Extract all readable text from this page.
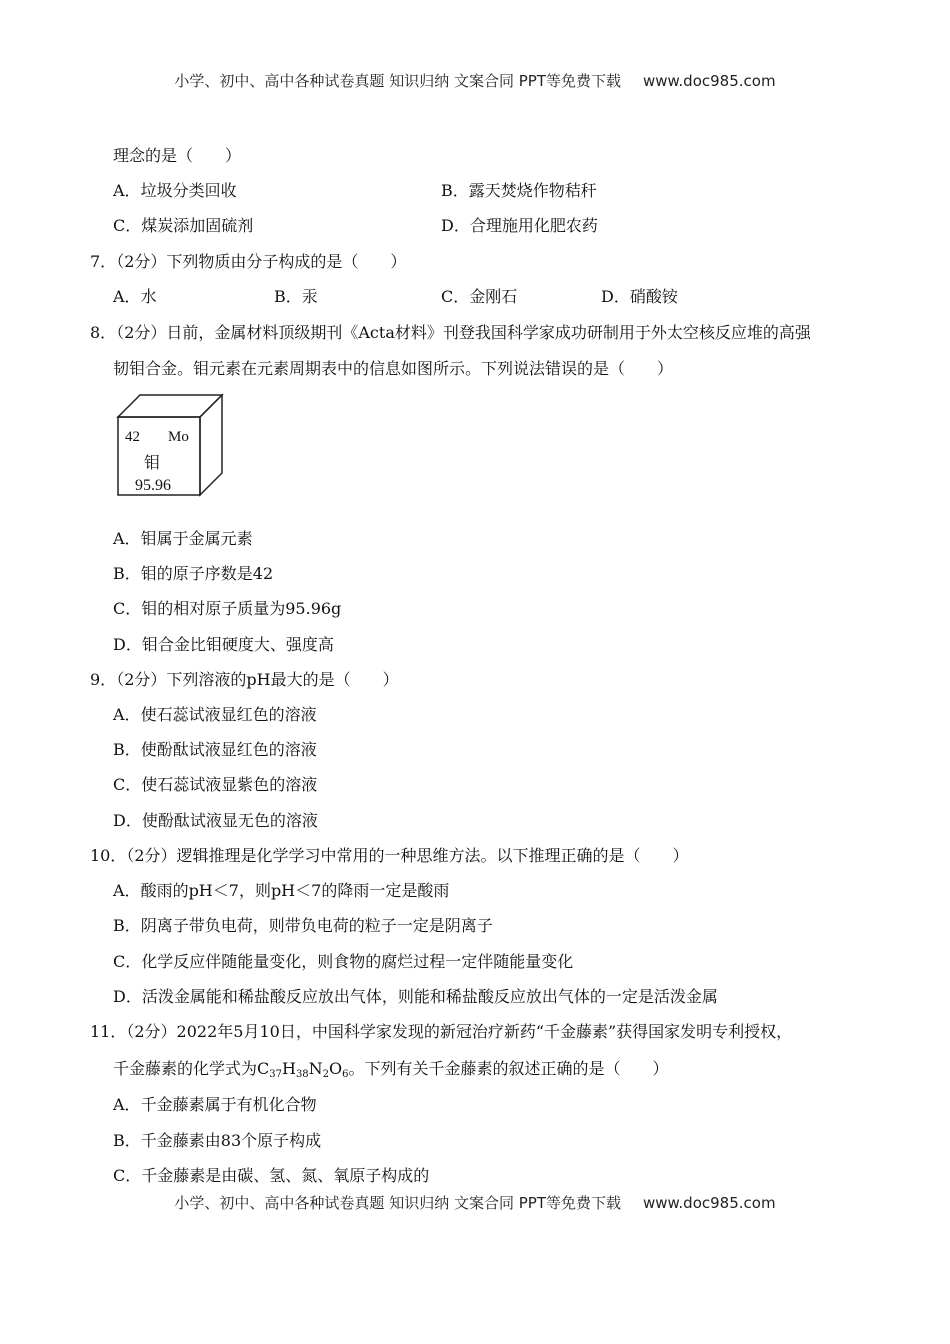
小学、初中、高中各种试卷真题 知识归纳 文案合同 PPT等免费下载 www.doc985.com
理念的是（　　）
A．垃圾分类回收	B．露天焚烧作物秸秆
C．煤炭添加固硫剂	D．合理施用化肥农药
7．（2分）下列物质由分子构成的是（　　）
A．水	B．汞	C．金刚石	D．硝酸铵
8．（2分）日前，金属材料顶级期刊《Acta材料》刊登我国科学家成功研制用于外太空核反应堆的高强
韧钼合金。钼元素在元素周期表中的信息如图所示。下列说法错误的是（　　）
42 Mo
钼
95.96
A．钼属于金属元素
B．钼的原子序数是42
C．钼的相对原子质量为95.96g
D．钼合金比钼硬度大、强度高
9．（2分）下列溶液的pH最大的是（　　）
A．使石蕊试液显红色的溶液
B．使酚酞试液显红色的溶液
C．使石蕊试液显紫色的溶液
D．使酚酞试液显无色的溶液
10．（2分）逻辑推理是化学学习中常用的一种思维方法。以下推理正确的是（　　）
A．酸雨的pH＜7，则pH＜7的降雨一定是酸雨
B．阴离子带负电荷，则带负电荷的粒子一定是阴离子
C．化学反应伴随能量变化，则食物的腐烂过程一定伴随能量变化
D．活泼金属能和稀盐酸反应放出气体，则能和稀盐酸反应放出气体的一定是活泼金属
11．（2分）2022年5月10日，中国科学家发现的新冠治疗新药“千金藤素”获得国家发明专利授权，
千金藤素的化学式为$C_{37}H_{38}N_2O_6$。下列有关千金藤素的叙述正确的是（　　）
A．千金藤素属于有机化合物
B．千金藤素由83个原子构成
C．千金藤素是由碳、氢、氮、氧原子构成的
小学、初中、高中各种试卷真题 知识归纳 文案合同 PPT等免费下载 www.doc985.com
